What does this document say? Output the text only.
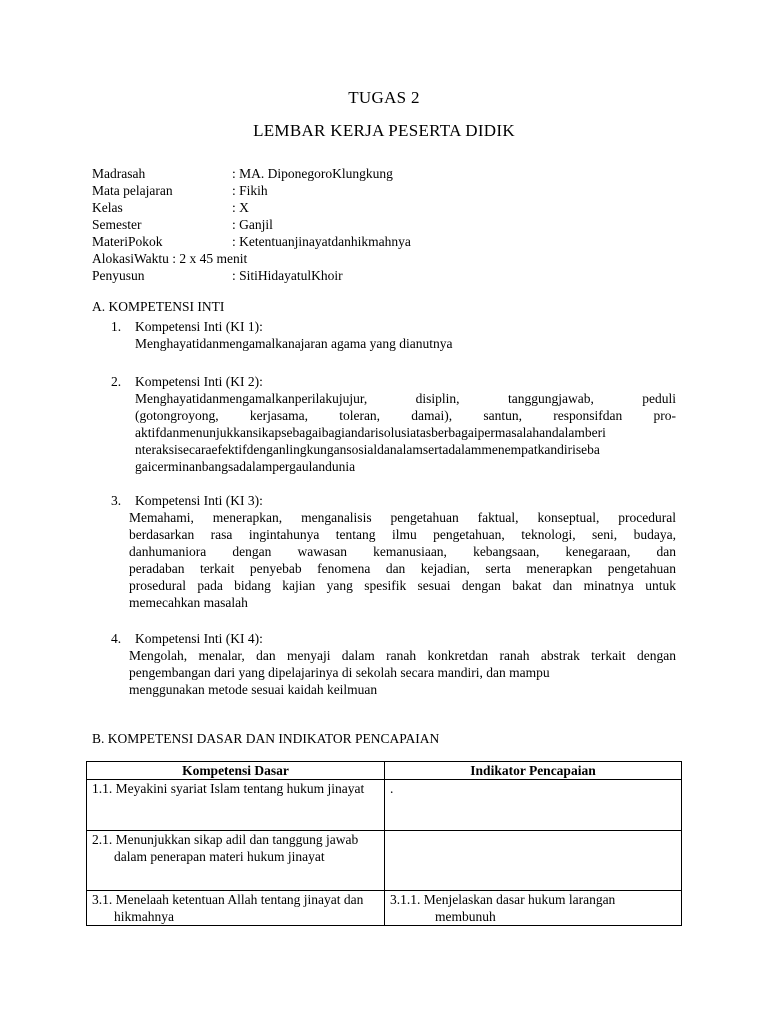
TUGAS 2
LEMBAR KERJA PESERTA DIDIK
Madrasah	: MA. DiponegoroKlungkung
Mata pelajaran	: Fikih
Kelas	: X
Semester	: Ganjil
MateriPokok	: Ketentuanjinayatdanhikmahnya
AlokasiWaktu : 2 x 45 menit
Penyusun	: SitiHidayatulKhoir
A. KOMPETENSI INTI
1. Kompetensi Inti (KI 1):
Menghayatidanmengamalkanajaran agama yang dianutnya
2. Kompetensi Inti (KI 2):
Menghayatidanmengamalkanperilakujujur, disiplin, tanggungjawab, peduli
(gotongroyong, kerjasama, toleran, damai), santun, responsifdan pro-
aktifdanmenunjukkansikapsebagaibagiandarisolusiatasberbagaipermasalahandalamberi
nteraksisecaraefektifdenganlingkungansosialdanalamsertadalammenempatkandiriseba
gaicerminanbangsadalampergaulandunia
3. Kompetensi Inti (KI 3):
Memahami, menerapkan, menganalisis pengetahuan faktual, konseptual, procedural
berdasarkan rasa ingintahunya tentang ilmu pengetahuan, teknologi, seni, budaya,
danhumaniora dengan wawasan kemanusiaan, kebangsaan, kenegaraan, dan
peradaban terkait penyebab fenomena dan kejadian, serta menerapkan pengetahuan
prosedural pada bidang kajian yang spesifik sesuai dengan bakat dan minatnya untuk
memecahkan masalah
4. Kompetensi Inti (KI 4):
Mengolah, menalar, dan menyaji dalam ranah konkretdan ranah abstrak terkait dengan
pengembangan dari yang dipelajarinya di sekolah secara mandiri, dan mampu
menggunakan metode sesuai kaidah keilmuan
B. KOMPETENSI DASAR DAN INDIKATOR PENCAPAIAN
Kompetensi Dasar	Indikator Pencapaian

1.1. Meyakini syariat Islam tentang hukum jinayat	.

2.1. Menunjukkan sikap adil dan tanggung jawab dalam penerapan materi hukum jinayat	

3.1. Menelaah ketentuan Allah tentang jinayat dan hikmahnya	3.1.1. Menjelaskan dasar hukum larangan membunuh
